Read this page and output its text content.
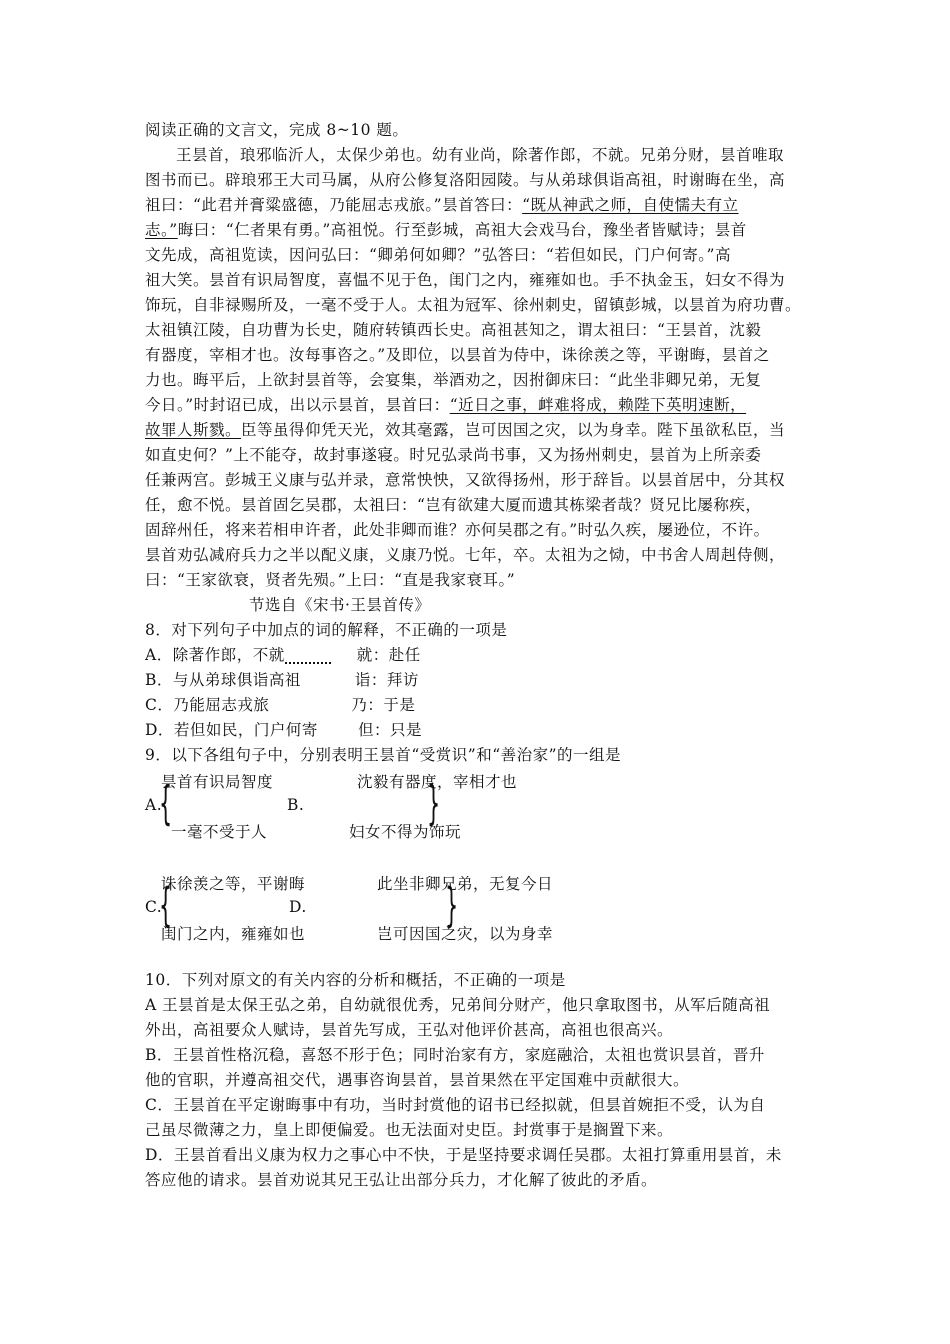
阅读正确的文言文，完成 8~10 题。
王昙首，琅邪临沂人，太保少弟也。幼有业尚，除著作郎，不就。兄弟分财，昙首唯取
图书而已。辟琅邪王大司马属，从府公修复洛阳园陵。与从弟球俱诣高祖，时谢晦在坐，高
祖曰：“此君并膏粱盛德，乃能屈志戎旅。”昙首答曰：“既从神武之师，自使懦夫有立
志。”晦曰：“仁者果有勇。”高祖悦。行至彭城，高祖大会戏马台，豫坐者皆赋诗；昙首
文先成，高祖览读，因问弘曰：“卿弟何如卿？”弘答曰：“若但如民，门户何寄。”高
祖大笑。昙首有识局智度，喜愠不见于色，闺门之内，雍雍如也。手不执金玉，妇女不得为
饰玩，自非禄赐所及，一毫不受于人。太祖为冠军、徐州刺史，留镇彭城，以昙首为府功曹。
太祖镇江陵，自功曹为长史，随府转镇西长史。高祖甚知之，谓太祖曰：“王昙首，沈毅
有器度，宰相才也。汝每事咨之。”及即位，以昙首为侍中，诛徐羡之等，平谢晦，昙首之
力也。晦平后，上欲封昙首等，会宴集，举酒劝之，因拊御床曰：“此坐非卿兄弟，无复
今日。”时封诏已成，出以示昙首，昙首曰：“近日之事，衅难将成，赖陛下英明速断，
故罪人斯戮。臣等虽得仰凭天光，效其毫露，岂可因国之灾，以为身幸。陛下虽欲私臣，当
如直史何？”上不能夺，故封事遂寝。时兄弘录尚书事，又为扬州刺史，昙首为上所亲委
任兼两宫。彭城王义康与弘并录，意常怏怏，又欲得扬州，形于辞旨。以昙首居中，分其权
任，愈不悦。昙首固乞吴郡，太祖曰：“岂有欲建大厦而遗其栋梁者哉？贤兄比屡称疾，
固辞州任，将来若相申许者，此处非卿而谁？亦何吴郡之有。”时弘久疾，屡逊位，不许。
昙首劝弘减府兵力之半以配义康，义康乃悦。七年，卒。太祖为之恸，中书舍人周赳侍侧，
曰：“王家欲衰，贤者先殒。”上曰：“直是我家衰耳。”
节选自《宋书·王昙首传》
8．对下列句子中加点的词的解释，不正确的一项是
A．除著作郎，不就	就：赴任
B．与从弟球俱诣高祖	诣：拜访
C．乃能屈志戎旅	乃：于是
D．若但如民，门户何寄	但：只是
9．以下各组句子中，分别表明王昙首“受赏识”和“善治家”的一组是
昙首有识局智度
A.
{
一毫不受于人
沈毅有器度，宰相才也
B.	}
妇女不得为饰玩
诛徐羡之等，平谢晦
C.
{
闺门之内，雍雍如也
此坐非卿兄弟，无复今日
D.	}
岂可因国之灾，以为身幸
10．下列对原文的有关内容的分析和概括，不正确的一项是
A 王昙首是太保王弘之弟，自幼就很优秀，兄弟间分财产，他只拿取图书，从军后随高祖
外出，高祖要众人赋诗，昙首先写成，王弘对他评价甚高，高祖也很高兴。
B．王昙首性格沉稳，喜怒不形于色；同时治家有方，家庭融洽，太祖也赏识昙首，晋升
他的官职，并遵高祖交代，遇事咨询昙首，昙首果然在平定国难中贡献很大。
C．王昙首在平定谢晦事中有功，当时封赏他的诏书已经拟就，但昙首婉拒不受，认为自
己虽尽微薄之力，皇上即便偏爱。也无法面对史臣。封赏事于是搁置下来。
D．王昙首看出义康为权力之事心中不快，于是坚持要求调任吴郡。太祖打算重用昙首，未
答应他的请求。昙首劝说其兄王弘让出部分兵力，才化解了彼此的矛盾。
